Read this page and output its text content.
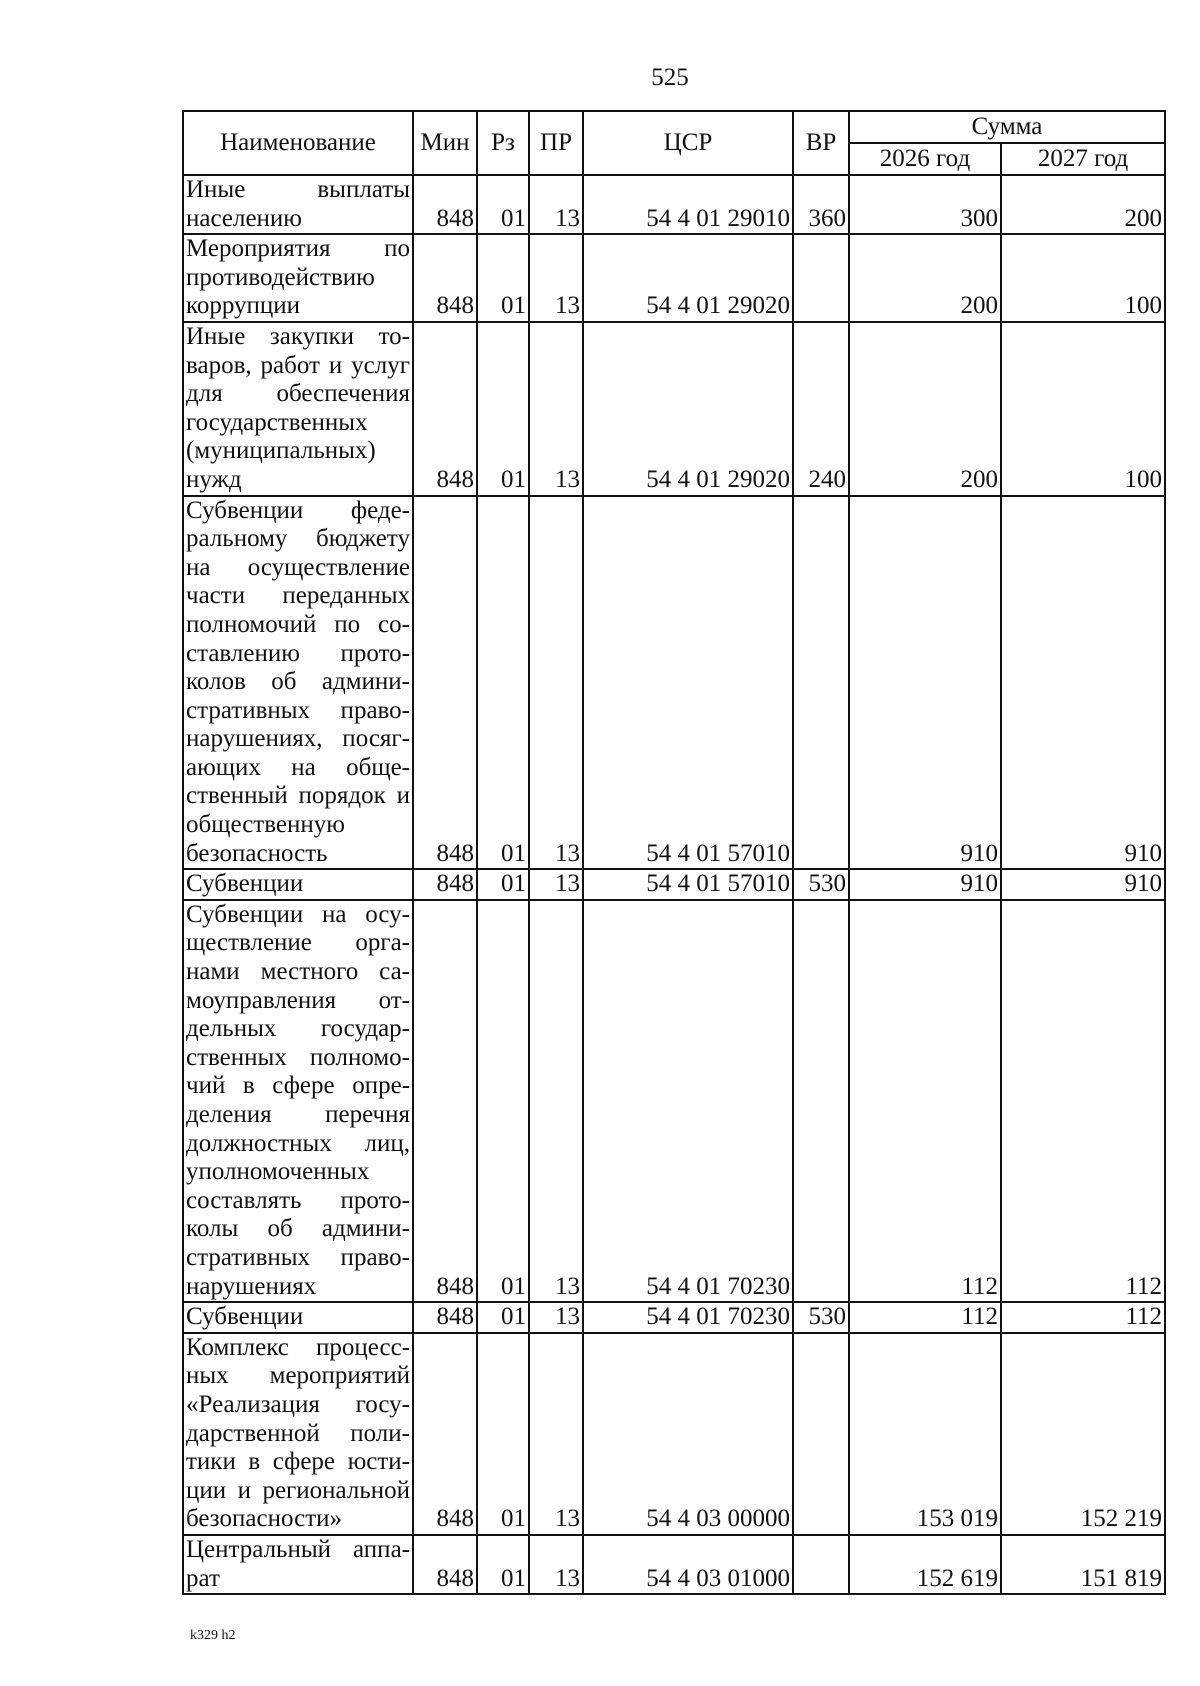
525
Наименование	Мин	Рз	ПР	ЦСР	ВР	Сумма	
						2026 год	2027 год
Иные выплаты населению	848	01	13	54 4 01 29010	360	300	200
Мероприятия по противодействию коррупции	848	01	13	54 4 01 29020		200	100
Иные закупки товаров, работ и услуг для обеспечения государственных (муниципальных) нужд	848	01	13	54 4 01 29020	240	200	100
Субвенции федеральному бюджету на осуществление части переданных полномочий по составлению протоколов об административных правонарушениях, посягающих на общественный порядок и общественную безопасность	848	01	13	54 4 01 57010		910	910
Субвенции	848	01	13	54 4 01 57010	530	910	910
Субвенции на осуществление органами местного самоуправления отдельных государственных полномочий в сфере определения перечня должностных лиц, уполномоченных составлять протоколы об административных правонарушениях	848	01	13	54 4 01 70230		112	112
Субвенции	848	01	13	54 4 01 70230	530	112	112
Комплекс процессных мероприятий «Реализация государственной политики в сфере юстиции и региональной безопасности»	848	01	13	54 4 03 00000		153 019	152 219
Центральный аппарат	848	01	13	54 4 03 01000		152 619	151 819
k329 h2
